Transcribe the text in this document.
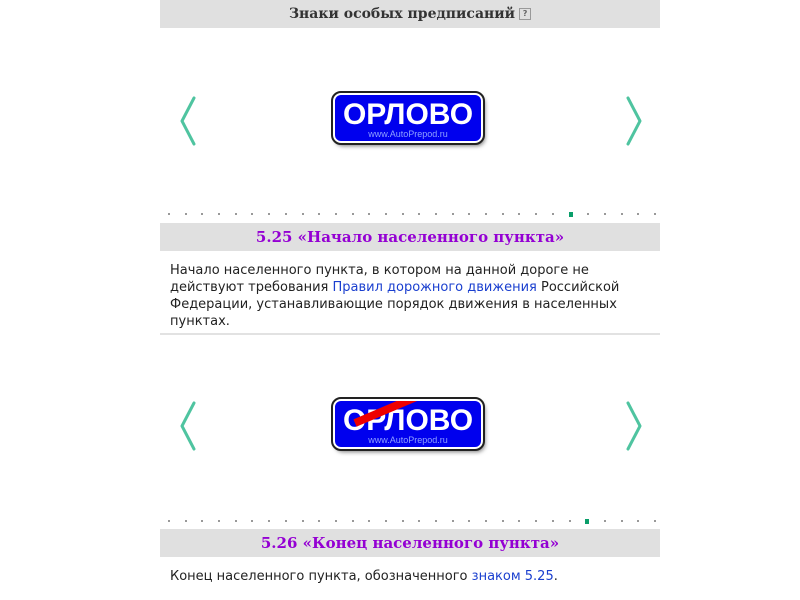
Знаки особых предписаний ?
ОРЛОВО
www.AutoPrepod.ru
5.25 «Начало населенного пункта»
Начало населенного пункта, в котором на данной дороге не действуют требования Правил дорожного движения Российской Федерации, устанавливающие порядок движения в населенных пунктах.
ОРЛОВО
www.AutoPrepod.ru
5.26 «Конец населенного пункта»
Конец населенного пункта, обозначенного знаком 5.25.
